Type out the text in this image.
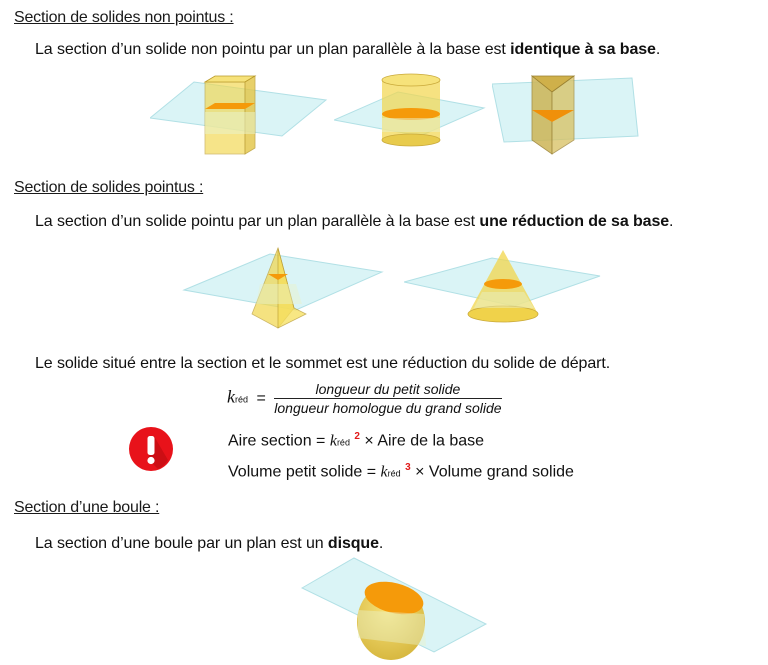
Section de solides non pointus :
La section d’un solide non pointu par un plan parallèle à la base est identique à sa base.
Section de solides pointus :
La section d’un solide pointu par un plan parallèle à la base est une réduction de sa base.
Le solide situé entre la section et le sommet est une réduction du solide de départ.
kréd = $\frac{\text{longueur du petit solide}}{\text{longueur homologue du grand solide}}$
Aire section = kréd $^2$ × Aire de la base
Volume petit solide = kréd $^3$ × Volume grand solide
Section d’une boule :
La section d’une boule par un plan est un disque.
